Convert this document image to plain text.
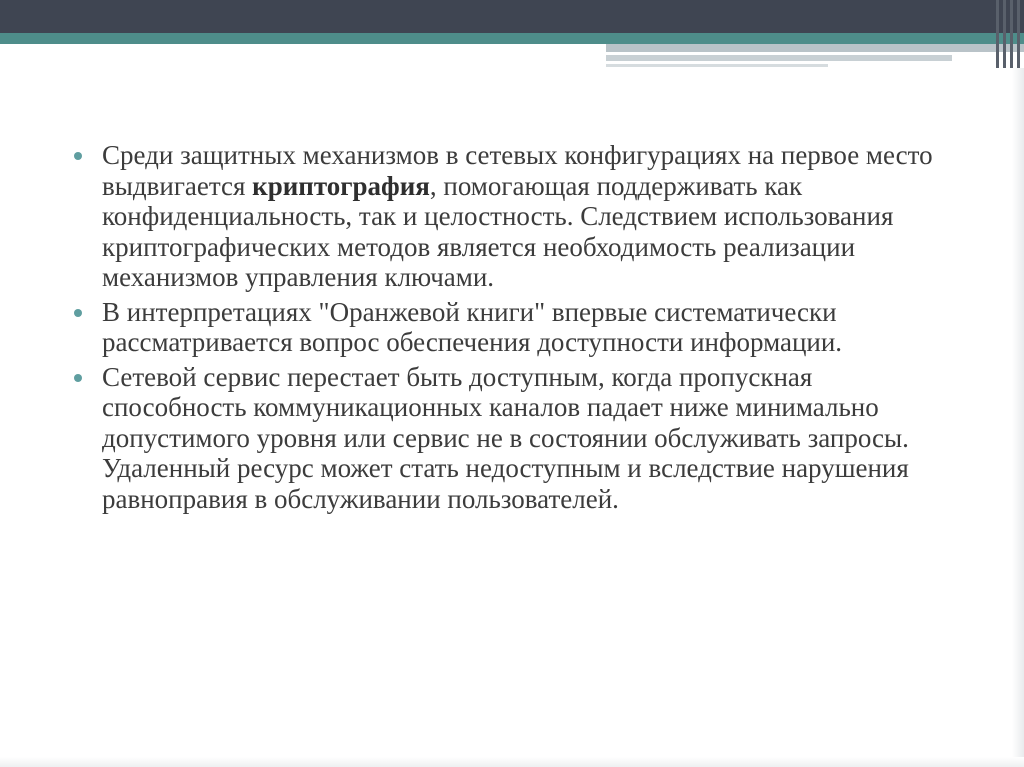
Среди защитных механизмов в сетевых конфигурациях на первое место выдвигается криптография, помогающая поддерживать как конфиденциальность, так и целостность. Следствием использования криптографических методов является необходимость реализации механизмов управления ключами.
В интерпретациях "Оранжевой книги" впервые систематически рассматривается вопрос обеспечения доступности информации.
Сетевой сервис перестает быть доступным, когда пропускная способность коммуникационных каналов падает ниже минимально допустимого уровня или сервис не в состоянии обслуживать запросы. Удаленный ресурс может стать недоступным и вследствие нарушения равноправия в обслуживании пользователей.
